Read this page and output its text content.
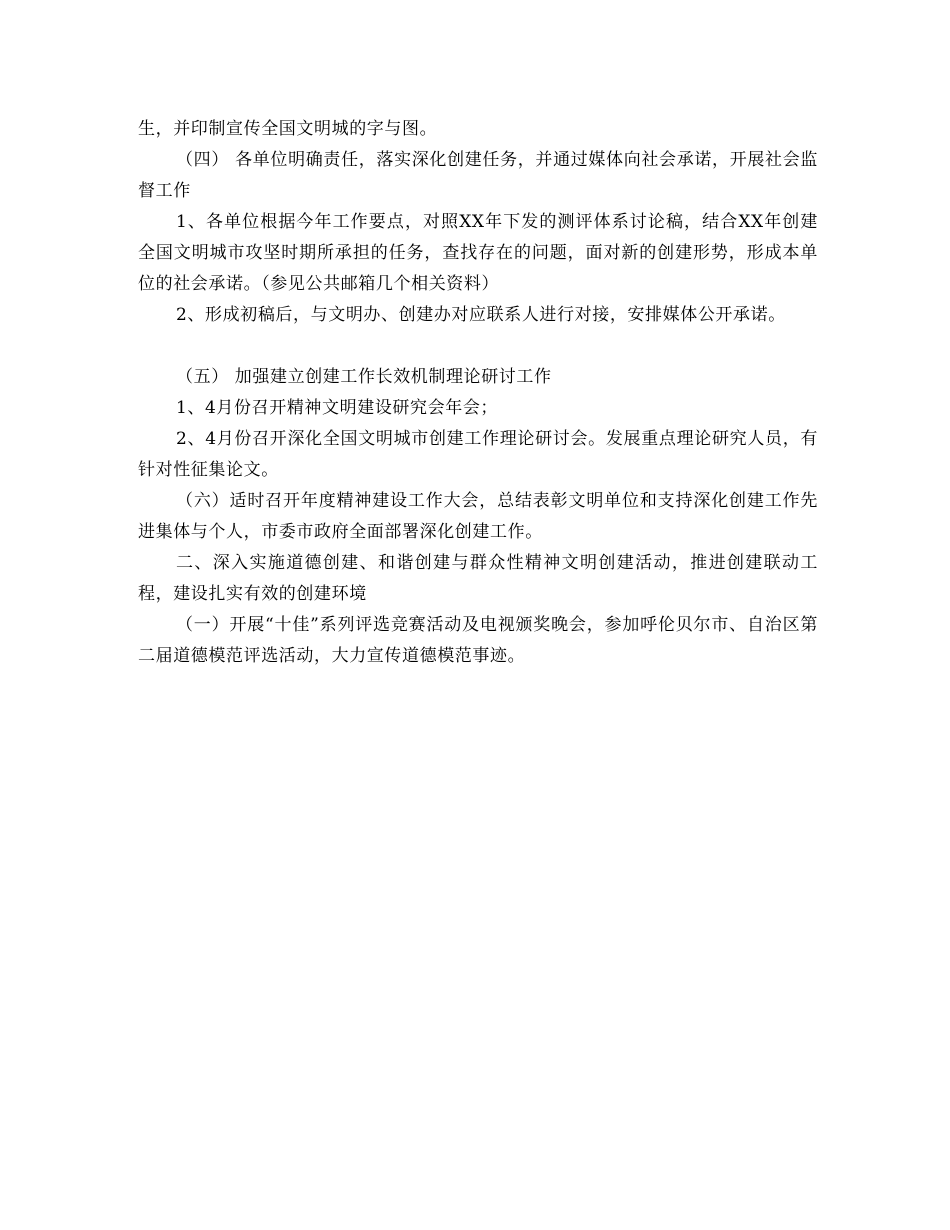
生，并印制宣传全国文明城的字与图。

（四） 各单位明确责任，落实深化创建任务，并通过媒体向社会承诺，开展社会监督工作

1、各单位根据今年工作要点，对照XX年下发的测评体系讨论稿，结合XX年创建全国文明城市攻坚时期所承担的任务，查找存在的问题，面对新的创建形势，形成本单位的社会承诺。（参见公共邮箱几个相关资料）

2、形成初稿后，与文明办、创建办对应联系人进行对接，安排媒体公开承诺。

（五） 加强建立创建工作长效机制理论研讨工作

1、4月份召开精神文明建设研究会年会；

2、4月份召开深化全国文明城市创建工作理论研讨会。发展重点理论研究人员，有针对性征集论文。

（六）适时召开年度精神建设工作大会，总结表彰文明单位和支持深化创建工作先进集体与个人，市委市政府全面部署深化创建工作。

二、深入实施道德创建、和谐创建与群众性精神文明创建活动，推进创建联动工程，建设扎实有效的创建环境

（一）开展“十佳”系列评选竞赛活动及电视颁奖晚会，参加呼伦贝尔市、自治区第二届道德模范评选活动，大力宣传道德模范事迹。
